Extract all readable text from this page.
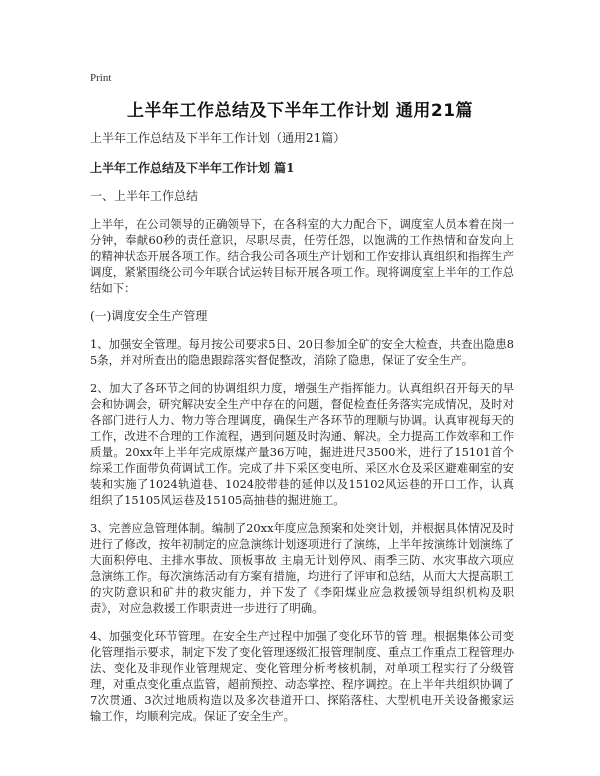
Print
上半年工作总结及下半年工作计划 通用21篇

上半年工作总结及下半年工作计划（通用21篇）

上半年工作总结及下半年工作计划 篇1

一、上半年工作总结

上半年，在公司领导的正确领导下，在各科室的大力配合下，调度室人员本着在岗一分钟，奉献60秒的责任意识，尽职尽责，任劳任怨，以饱满的工作热情和奋发向上的精神状态开展各项工作。结合我公司各项生产计划和工作安排认真组织和指挥生产调度，紧紧围绕公司今年联合试运转目标开展各项工作。现将调度室上半年的工作总结如下：

(一)调度安全生产管理

1、加强安全管理。每月按公司要求5日、20日参加全矿的安全大检查，共查出隐患85条，并对所查出的隐患跟踪落实督促整改，消除了隐患，保证了安全生产。

2、加大了各环节之间的协调组织力度，增强生产指挥能力。认真组织召开每天的早会和协调会，研究解决安全生产中存在的问题，督促检查任务落实完成情况，及时对各部门进行人力、物力等合理调度，确保生产各环节的理顺与协调。认真审视每天的工作，改进不合理的工作流程，遇到问题及时沟通、解决。全力提高工作效率和工作质量。20xx年上半年完成原煤产量36万吨，掘进进尺3500米，进行了15101首个综采工作面带负荷调试工作。完成了井下采区变电所、采区水仓及采区避难硐室的安装和实施了1024轨道巷、1024胶带巷的延伸以及15102风运巷的开口工作，认真组织了15105风运巷及15105高抽巷的掘进施工。

3、完善应急管理体制。编制了20xx年度应急预案和处突计划，并根据具体情况及时进行了修改，按年初制定的应急演练计划逐项进行了演练，上半年按演练计划演练了大面积停电、主排水事故、顶板事故 主扇无计划停风、雨季三防、水灾事故六项应急演练工作。每次演练活动有方案有措施，均进行了评审和总结，从而大大提高职工的灾防意识和矿井的救灾能力，并下发了《李阳煤业应急救援领导组织机构及职责》，对应急救援工作职责进一步进行了明确。

4、加强变化环节管理。在安全生产过程中加强了变化环节的管 理。根据集体公司变化管理指示要求，制定下发了变化管理逐级汇报管理制度、重点工作重点工程管理办法、变化及非现作业管理规定、变化管理分析考核机制，对单项工程实行了分级管理，对重点变化重点监管，超前预控、动态掌控、程序调控。在上半年共组织协调了7次贯通、3次过地质构造以及多次巷道开口、探陷落柱、大型机电开关设备搬家运输工作，均顺利完成。保证了安全生产。
